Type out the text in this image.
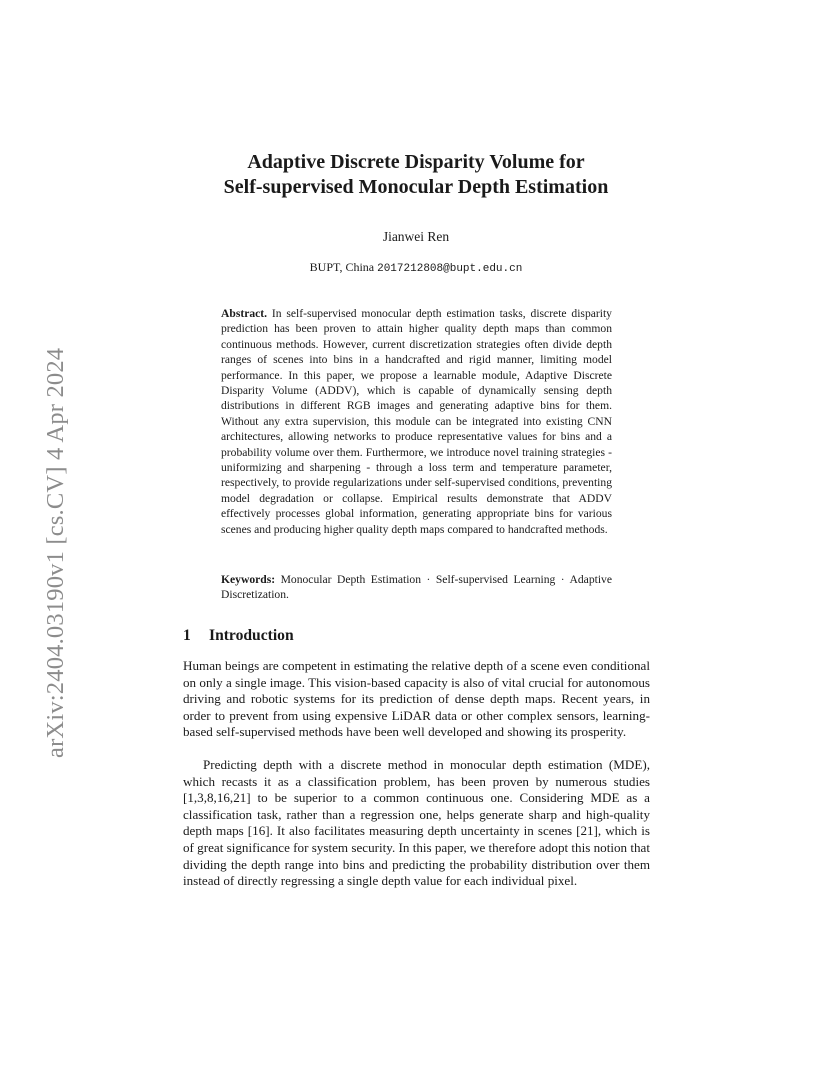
arXiv:2404.03190v1 [cs.CV] 4 Apr 2024
Adaptive Discrete Disparity Volume for
Self-supervised Monocular Depth Estimation
Jianwei Ren
BUPT, China 2017212808@bupt.edu.cn

Abstract. In self-supervised monocular depth estimation tasks, discrete disparity prediction has been proven to attain higher quality depth maps than common continuous methods. However, current discretization strategies often divide depth ranges of scenes into bins in a handcrafted and rigid manner, limiting model performance. In this paper, we propose a learnable module, Adaptive Discrete Disparity Volume (ADDV), which is capable of dynamically sensing depth distributions in different RGB images and generating adaptive bins for them. Without any extra supervision, this module can be integrated into existing CNN architectures, allowing networks to produce representative values for bins and a probability volume over them. Furthermore, we introduce novel training strategies - uniformizing and sharpening - through a loss term and temperature parameter, respectively, to provide regularizations under self-supervised conditions, preventing model degradation or collapse. Empirical results demonstrate that ADDV effectively processes global information, generating appropriate bins for various scenes and producing higher quality depth maps compared to handcrafted methods.

Keywords: Monocular Depth Estimation · Self-supervised Learning · Adaptive Discretization.

1 Introduction

Human beings are competent in estimating the relative depth of a scene even conditional on only a single image. This vision-based capacity is also of vital crucial for autonomous driving and robotic systems for its prediction of dense depth maps. Recent years, in order to prevent from using expensive LiDAR data or other complex sensors, learning-based self-supervised methods have been well developed and showing its prosperity.

Predicting depth with a discrete method in monocular depth estimation (MDE), which recasts it as a classification problem, has been proven by numerous studies [1,3,8,16,21] to be superior to a common continuous one. Considering MDE as a classification task, rather than a regression one, helps generate sharp and high-quality depth maps [16]. It also facilitates measuring depth uncertainty in scenes [21], which is of great significance for system security. In this paper, we therefore adopt this notion that dividing the depth range into bins and predicting the probability distribution over them instead of directly regressing a single depth value for each individual pixel.
